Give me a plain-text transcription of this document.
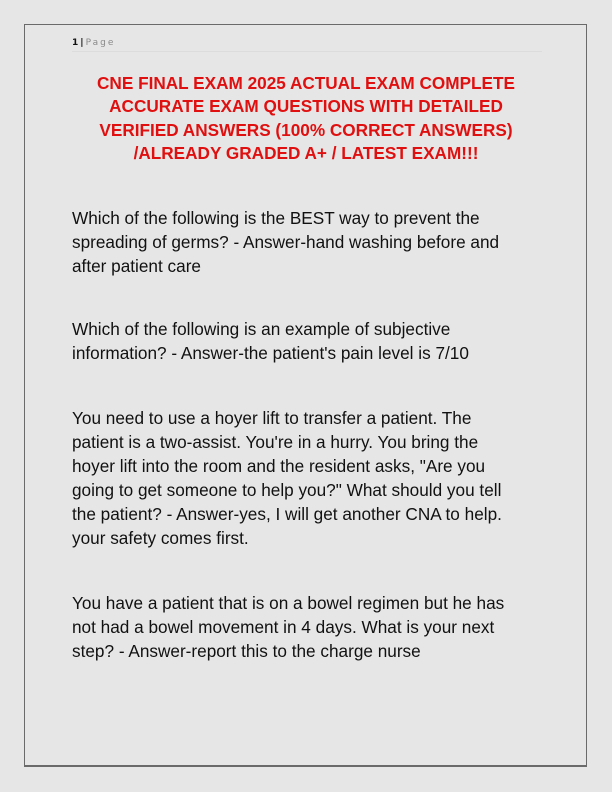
1 | Page
CNE FINAL EXAM 2025 ACTUAL EXAM COMPLETE
ACCURATE EXAM QUESTIONS WITH DETAILED
VERIFIED ANSWERS (100% CORRECT ANSWERS)
/ALREADY GRADED A+ / LATEST EXAM!!!
Which of the following is the BEST way to prevent the
spreading of germs? - Answer-hand washing before and
after patient care
Which of the following is an example of subjective
information? - Answer-the patient's pain level is 7/10
You need to use a hoyer lift to transfer a patient. The
patient is a two-assist. You're in a hurry. You bring the
hoyer lift into the room and the resident asks, "Are you
going to get someone to help you?" What should you tell
the patient? - Answer-yes, I will get another CNA to help.
your safety comes first.
You have a patient that is on a bowel regimen but he has
not had a bowel movement in 4 days. What is your next
step? - Answer-report this to the charge nurse
